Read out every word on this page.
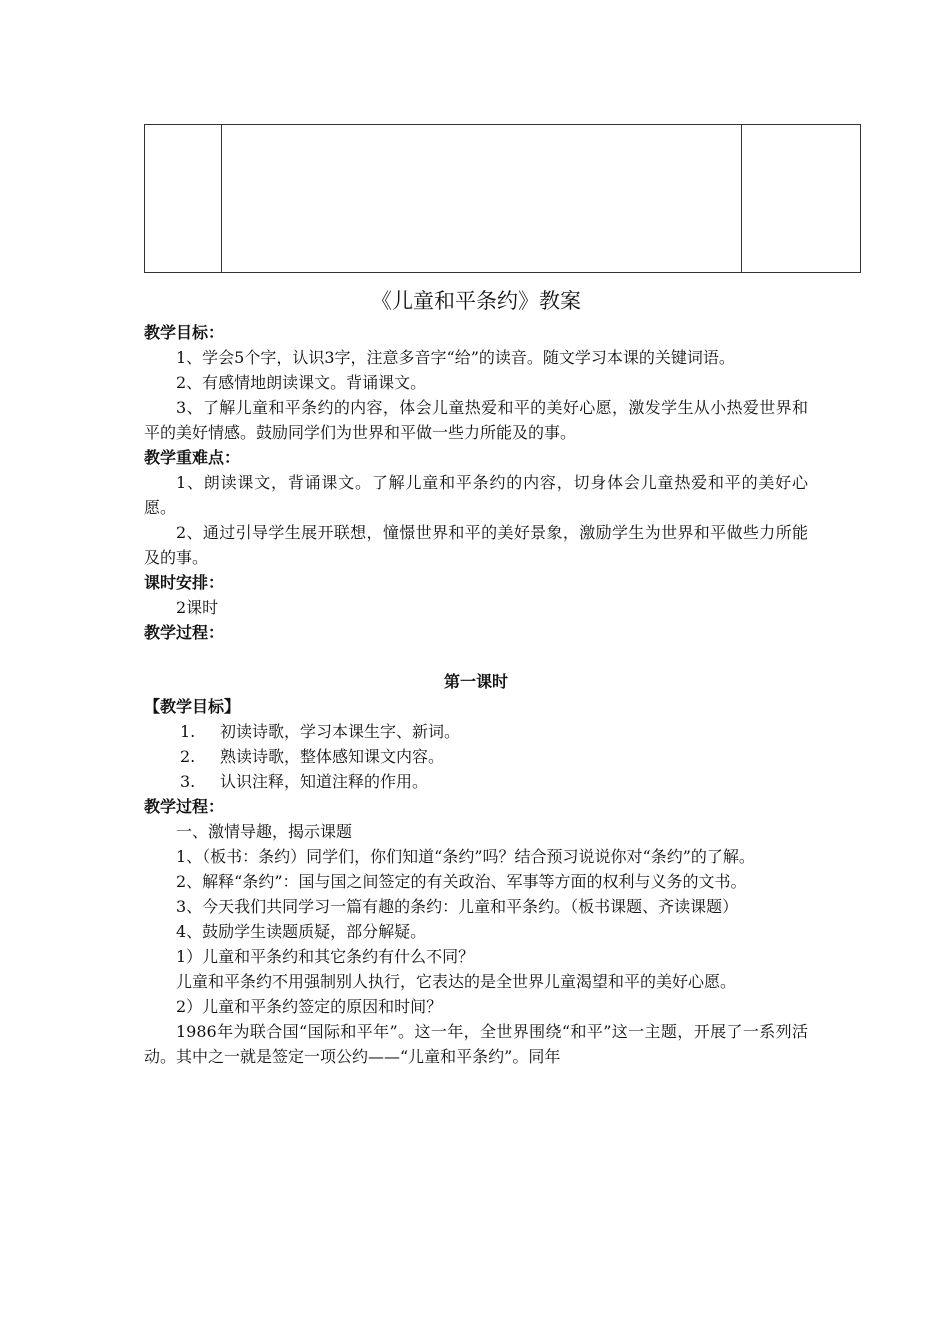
《儿童和平条约》教案
教学目标：

1、学会5个字，认识3字，注意多音字“给”的读音。随文学习本课的关键词语。

2、有感情地朗读课文。背诵课文。

3、了解儿童和平条约的内容，体会儿童热爱和平的美好心愿，激发学生从小热爱世界和平的美好情感。鼓励同学们为世界和平做一些力所能及的事。

教学重难点：

1、朗读课文，背诵课文。了解儿童和平条约的内容，切身体会儿童热爱和平的美好心愿。

2、通过引导学生展开联想，憧憬世界和平的美好景象，激励学生为世界和平做些力所能及的事。

课时安排：

2课时

教学过程：
第一课时
【教学目标】
1. 初读诗歌，学习本课生字、新词。
2. 熟读诗歌，整体感知课文内容。
3. 认识注释，知道注释的作用。
教学过程：

一、激情导趣，揭示课题

1、（板书：条约）同学们，你们知道“条约”吗？结合预习说说你对“条约”的了解。

2、解释“条约”：国与国之间签定的有关政治、军事等方面的权利与义务的文书。

3、今天我们共同学习一篇有趣的条约：儿童和平条约。（板书课题、齐读课题）

4、鼓励学生读题质疑，部分解疑。

1）儿童和平条约和其它条约有什么不同？

儿童和平条约不用强制别人执行，它表达的是全世界儿童渴望和平的美好心愿。

2）儿童和平条约签定的原因和时间？

1986年为联合国“国际和平年”。这一年，全世界围绕“和平”这一主题，开展了一系列活动。其中之一就是签定一项公约——“儿童和平条约”。同年
